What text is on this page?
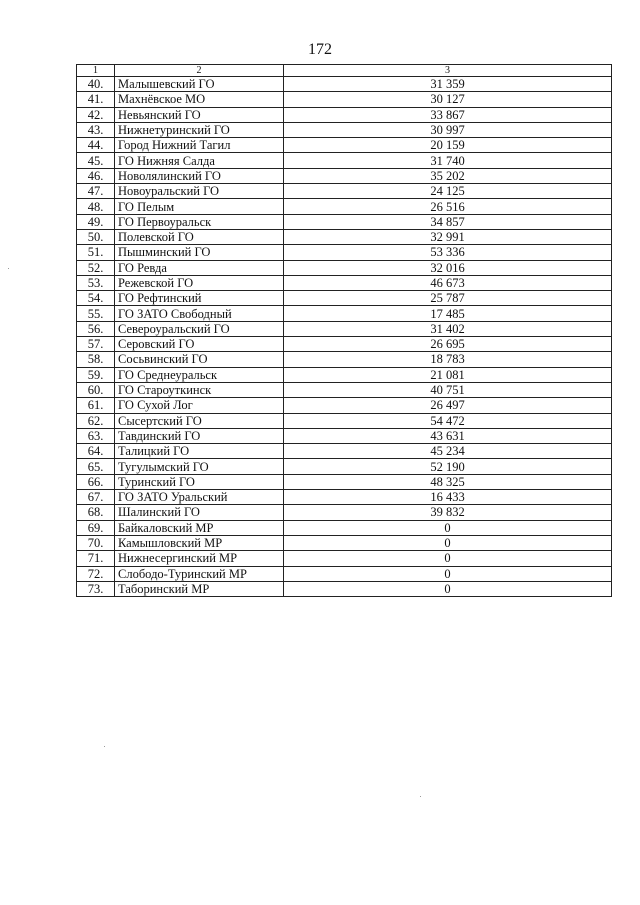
172
1	2	3
40.	Малышевский ГО	31 359
41.	Махнёвское МО	30 127
42.	Невьянский ГО	33 867
43.	Нижнетуринский ГО	30 997
44.	Город Нижний Тагил	20 159
45.	ГО Нижняя Салда	31 740
46.	Новолялинский ГО	35 202
47.	Новоуральский ГО	24 125
48.	ГО Пелым	26 516
49.	ГО Первоуральск	34 857
50.	Полевской ГО	32 991
51.	Пышминский ГО	53 336
52.	ГО Ревда	32 016
53.	Режевской ГО	46 673
54.	ГО Рефтинский	25 787
55.	ГО ЗАТО Свободный	17 485
56.	Североуральский ГО	31 402
57.	Серовский ГО	26 695
58.	Сосьвинский ГО	18 783
59.	ГО Среднеуральск	21 081
60.	ГО Староуткинск	40 751
61.	ГО Сухой Лог	26 497
62.	Сысертский ГО	54 472
63.	Тавдинский ГО	43 631
64.	Талицкий ГО	45 234
65.	Тугулымский ГО	52 190
66.	Туринский ГО	48 325
67.	ГО ЗАТО Уральский	16 433
68.	Шалинский ГО	39 832
69.	Байкаловский МР	0
70.	Камышловский МР	0
71.	Нижнесергинский МР	0
72.	Слободо-Туринский МР	0
73.	Таборинский МР	0
